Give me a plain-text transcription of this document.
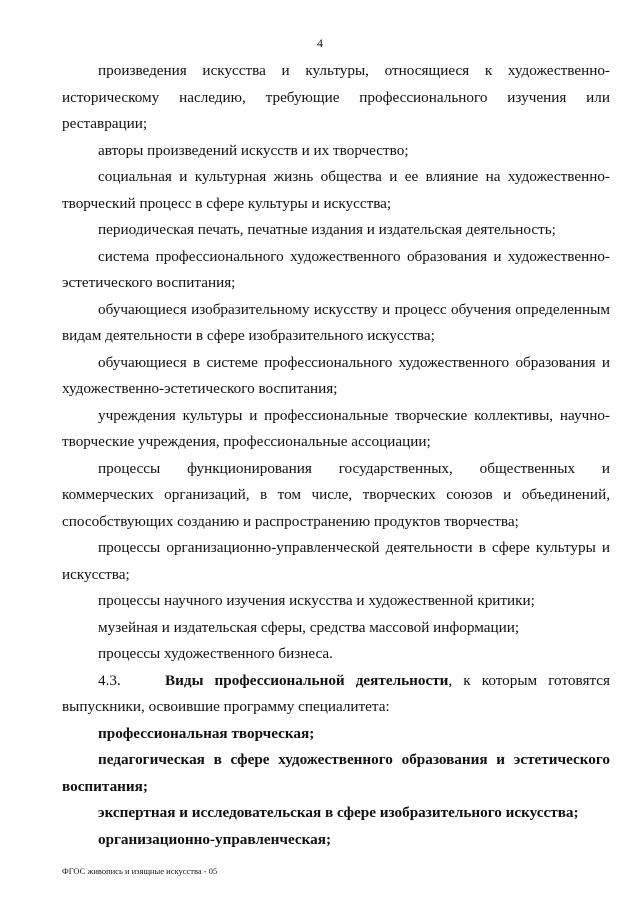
4

произведения искусства и культуры, относящиеся к художественно-историческому наследию, требующие профессионального изучения или реставрации;

авторы произведений искусств и их творчество;

социальная и культурная жизнь общества и ее влияние на художественно-творческий процесс в сфере культуры и искусства;

периодическая печать, печатные издания и издательская деятельность;

система профессионального художественного образования и художественно-эстетического воспитания;

обучающиеся изобразительному искусству и процесс обучения определенным видам деятельности в сфере изобразительного искусства;

обучающиеся в системе профессионального художественного образования и художественно-эстетического воспитания;

учреждения культуры и профессиональные творческие коллективы, научно-творческие учреждения, профессиональные ассоциации;

процессы функционирования государственных, общественных и коммерческих организаций, в том числе, творческих союзов и объединений, способствующих созданию и распространению продуктов творчества;

процессы организационно-управленческой деятельности в сфере культуры и искусства;

процессы научного изучения искусства и художественной критики;

музейная и издательская сферы, средства массовой информации;

процессы художественного бизнеса.

4.3.	Виды профессиональной деятельности, к которым готовятся выпускники, освоившие программу специалитета:

профессиональная творческая;

педагогическая в сфере художественного образования и эстетического воспитания;

экспертная и исследовательская в сфере изобразительного искусства;

организационно-управленческая;

ФГОС живопись и изящные искусства - 05
